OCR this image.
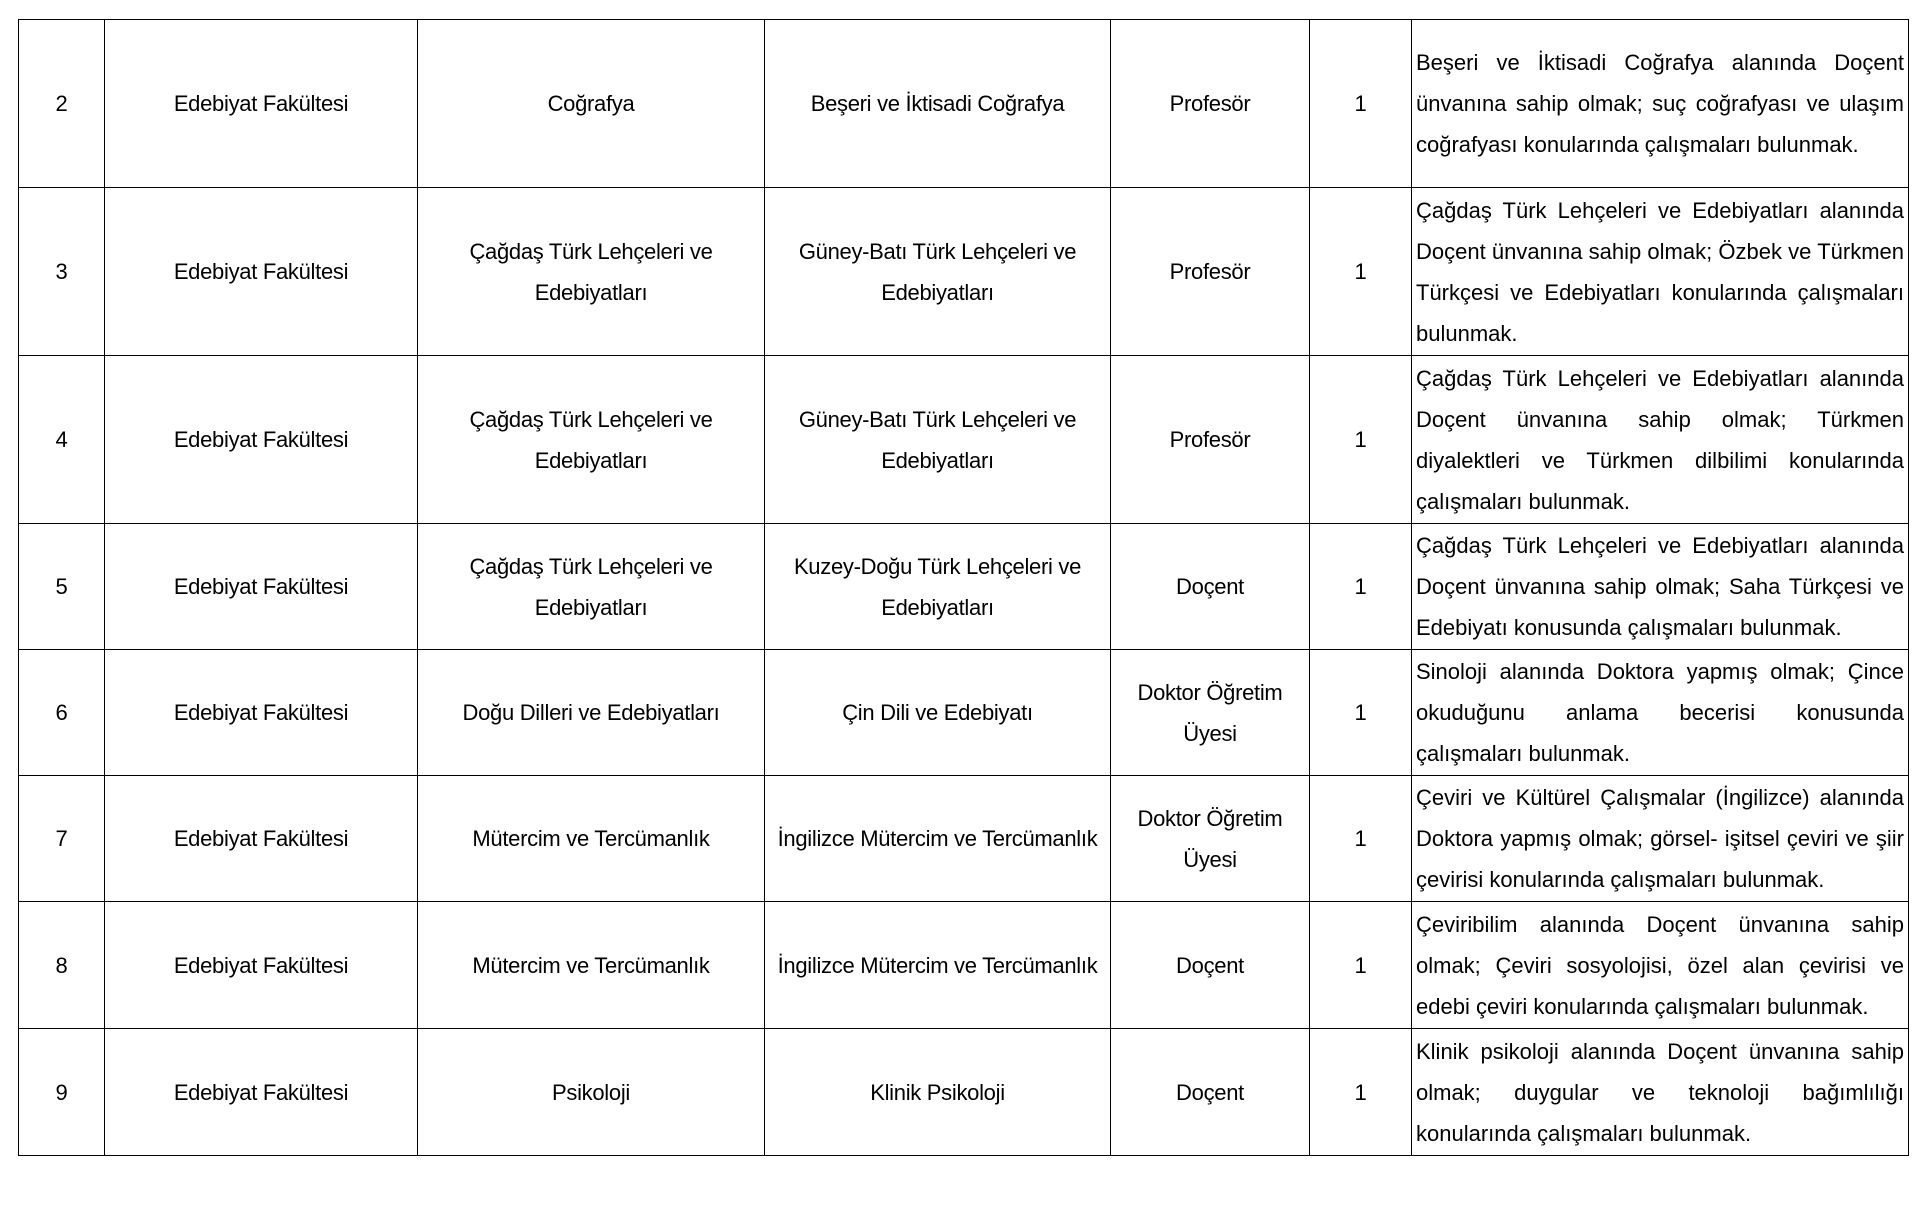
2	Edebiyat Fakültesi	Coğrafya	Beşeri ve İktisadi Coğrafya	Profesör	1	Beşeri ve İktisadi Coğrafya alanında Doçent ünvanına sahip olmak; suç coğrafyası ve ulaşım coğrafyası konularında çalışmaları bulunmak.
3	Edebiyat Fakültesi	Çağdaş Türk Lehçeleri ve Edebiyatları	Güney-Batı Türk Lehçeleri ve Edebiyatları	Profesör	1	Çağdaş Türk Lehçeleri ve Edebiyatları alanında Doçent ünvanına sahip olmak; Özbek ve Türkmen Türkçesi ve Edebiyatları konularında çalışmaları bulunmak.
4	Edebiyat Fakültesi	Çağdaş Türk Lehçeleri ve Edebiyatları	Güney-Batı Türk Lehçeleri ve Edebiyatları	Profesör	1	Çağdaş Türk Lehçeleri ve Edebiyatları alanında Doçent ünvanına sahip olmak; Türkmen diyalektleri ve Türkmen dilbilimi konularında çalışmaları bulunmak.
5	Edebiyat Fakültesi	Çağdaş Türk Lehçeleri ve Edebiyatları	Kuzey-Doğu Türk Lehçeleri ve Edebiyatları	Doçent	1	Çağdaş Türk Lehçeleri ve Edebiyatları alanında Doçent ünvanına sahip olmak; Saha Türkçesi ve Edebiyatı konusunda çalışmaları bulunmak.
6	Edebiyat Fakültesi	Doğu Dilleri ve Edebiyatları	Çin Dili ve Edebiyatı	Doktor Öğretim Üyesi	1	Sinoloji alanında Doktora yapmış olmak; Çince okuduğunu anlama becerisi konusunda çalışmaları bulunmak.
7	Edebiyat Fakültesi	Mütercim ve Tercümanlık	İngilizce Mütercim ve Tercümanlık	Doktor Öğretim Üyesi	1	Çeviri ve Kültürel Çalışmalar (İngilizce) alanında Doktora yapmış olmak; görsel- işitsel çeviri ve şiir çevirisi konularında çalışmaları bulunmak.
8	Edebiyat Fakültesi	Mütercim ve Tercümanlık	İngilizce Mütercim ve Tercümanlık	Doçent	1	Çeviribilim alanında Doçent ünvanına sahip olmak; Çeviri sosyolojisi, özel alan çevirisi ve edebi çeviri konularında çalışmaları bulunmak.
9	Edebiyat Fakültesi	Psikoloji	Klinik Psikoloji	Doçent	1	Klinik psikoloji alanında Doçent ünvanına sahip olmak; duygular ve teknoloji bağımlılığı konularında çalışmaları bulunmak.
